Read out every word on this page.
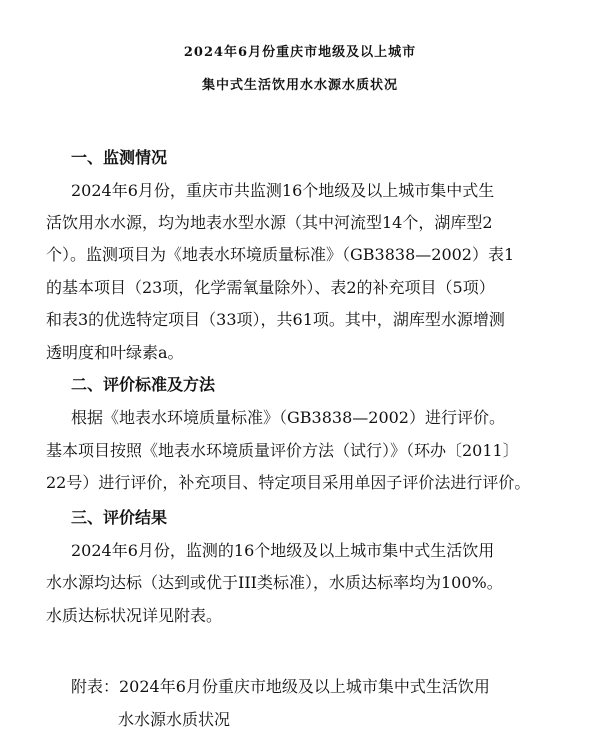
2024年6月份重庆市地级及以上城市
集中式生活饮用水水源水质状况
一、监测情况
2024年6月份，重庆市共监测16个地级及以上城市集中式生
活饮用水水源，均为地表水型水源（其中河流型14个，湖库型2
个）。监测项目为《地表水环境质量标准》（GB3838—2002）表1
的基本项目（23项，化学需氧量除外）、表2的补充项目（5项）
和表3的优选特定项目（33项），共61项。其中，湖库型水源增测
透明度和叶绿素a。
二、评价标准及方法
根据《地表水环境质量标准》（GB3838—2002）进行评价。
基本项目按照《地表水环境质量评价方法（试行）》（环办〔2011〕
22号）进行评价，补充项目、特定项目采用单因子评价法进行评价。
三、评价结果
2024年6月份，监测的16个地级及以上城市集中式生活饮用
水水源均达标（达到或优于III类标准），水质达标率均为100%。
水质达标状况详见附表。
附表：2024年6月份重庆市地级及以上城市集中式生活饮用
水水源水质状况
